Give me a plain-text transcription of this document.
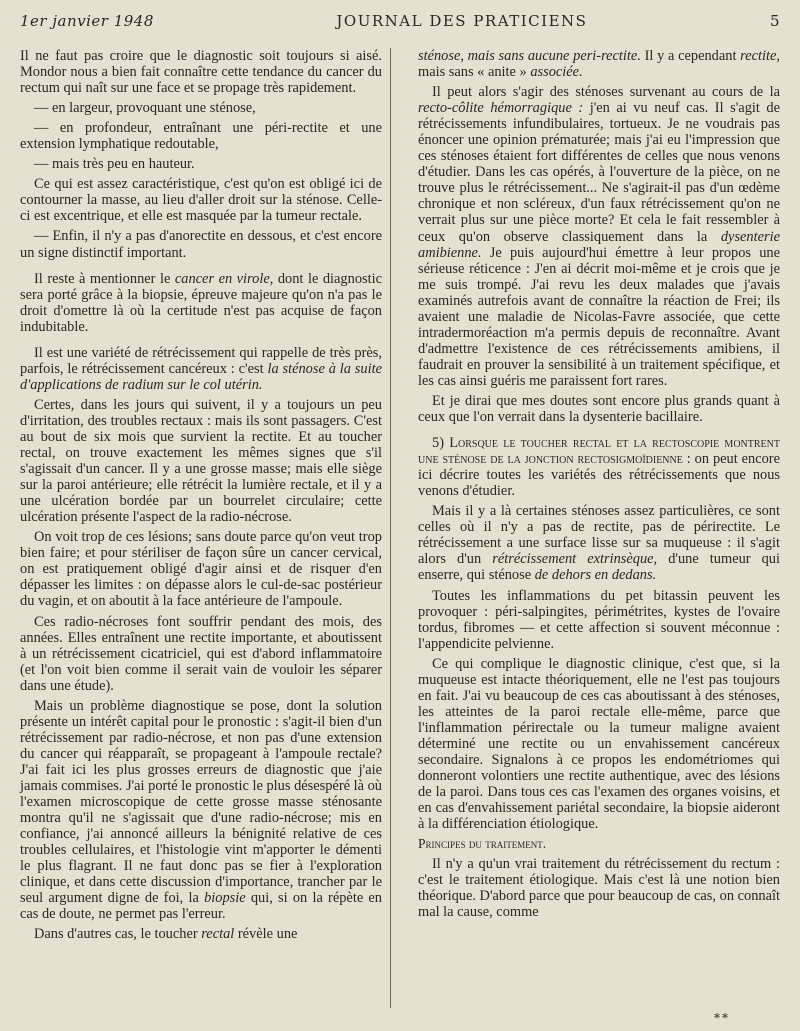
1er janvier 1948	JOURNAL DES PRATICIENS	5

Il ne faut pas croire que le diagnostic soit toujours si aisé. Mondor nous a bien fait connaître cette tendance du cancer du rectum qui naît sur une face et se propage très rapidement.

— en largeur, provoquant une sténose,

— en profondeur, entraînant une péri-rectite et une extension lymphatique redoutable,

— mais très peu en hauteur.

Ce qui est assez caractéristique, c'est qu'on est obligé ici de contourner la masse, au lieu d'aller droit sur la sténose. Celle-ci est excentrique, et elle est masquée par la tumeur rectale.

— Enfin, il n'y a pas d'anorectite en dessous, et c'est encore un signe distinctif important.

Il reste à mentionner le cancer en virole, dont le diagnostic sera porté grâce à la biopsie, épreuve majeure qu'on n'a pas le droit d'omettre là où la certitude n'est pas acquise de façon indubitable.

Il est une variété de rétrécissement qui rappelle de très près, parfois, le rétrécissement cancéreux : c'est la sténose à la suite d'applications de radium sur le col utérin.

Certes, dans les jours qui suivent, il y a toujours un peu d'irritation, des troubles rectaux : mais ils sont passagers. C'est au bout de six mois que survient la rectite. Et au toucher rectal, on trouve exactement les mêmes signes que s'il s'agissait d'un cancer. Il y a une grosse masse; mais elle siège sur la paroi antérieure; elle rétrécit la lumière rectale, et il y a une ulcération bordée par un bourrelet circulaire; cette ulcération présente l'aspect de la radio-nécrose.

On voit trop de ces lésions; sans doute parce qu'on veut trop bien faire; et pour stériliser de façon sûre un cancer cervical, on est pratiquement obligé d'agir ainsi et de risquer d'en dépasser les limites : on dépasse alors le cul-de-sac postérieur du vagin, et on aboutit à la face antérieure de l'ampoule.

Ces radio-nécroses font souffrir pendant des mois, des années. Elles entraînent une rectite importante, et aboutissent à un rétrécissement cicatriciel, qui est d'abord inflammatoire (et l'on voit bien comme il serait vain de vouloir les séparer dans une étude).

Mais un problème diagnostique se pose, dont la solution présente un intérêt capital pour le pronostic : s'agit-il bien d'un rétrécissement par radio-nécrose, et non pas d'une extension du cancer qui réapparaît, se propageant à l'ampoule rectale? J'ai fait ici les plus grosses erreurs de diagnostic que j'aie jamais commises. J'ai porté le pronostic le plus désespéré là où l'examen microscopique de cette grosse masse sténosante montra qu'il ne s'agissait que d'une radio-nécrose; mis en confiance, j'ai annoncé ailleurs la bénignité relative de ces troubles cellulaires, et l'histologie vint m'apporter le démenti le plus flagrant. Il ne faut donc pas se fier à l'exploration clinique, et dans cette discussion d'importance, trancher par le seul argument digne de foi, la biopsie qui, si on la répète en cas de doute, ne permet pas l'erreur.

Dans d'autres cas, le toucher rectal révèle une

sténose, mais sans aucune peri-rectite. Il y a cependant rectite, mais sans « anite » associée.

Il peut alors s'agir des sténoses survenant au cours de la recto-côlite hémorragique : j'en ai vu neuf cas. Il s'agit de rétrécissements infundibulaires, tortueux. Je ne voudrais pas énoncer une opinion prématurée; mais j'ai eu l'impression que ces sténoses étaient fort différentes de celles que nous venons d'étudier. Dans les cas opérés, à l'ouverture de la pièce, on ne trouve plus le rétrécissement... Ne s'agirait-il pas d'un œdème chronique et non scléreux, d'un faux rétrécissement qu'on ne verrait plus sur une pièce morte? Et cela le fait ressembler à ceux qu'on observe classiquement dans la dysenterie amibienne. Je puis aujourd'hui émettre à leur propos une sérieuse réticence : J'en ai décrit moi-même et je crois que je me suis trompé. J'ai revu les deux malades que j'avais examinés autrefois avant de connaître la réaction de Frei; ils avaient une maladie de Nicolas-Favre associée, que cette intradermoréaction m'a permis depuis de reconnaître. Avant d'admettre l'existence de ces rétrécissements amibiens, il faudrait en prouver la sensibilité à un traitement spécifique, et les cas ainsi guéris me paraissent fort rares.

Et je dirai que mes doutes sont encore plus grands quant à ceux que l'on verrait dans la dysenterie bacillaire.

5) Lorsque le toucher rectal et la rectoscopie montrent une sténose de la jonction rectosigmoïdienne : on peut encore ici décrire toutes les variétés des rétrécissements que nous venons d'étudier.

Mais il y a là certaines sténoses assez particulières, ce sont celles où il n'y a pas de rectite, pas de périrectite. Le rétrécissement a une surface lisse sur sa muqueuse : il s'agit alors d'un rétrécissement extrinsèque, d'une tumeur qui enserre, qui sténose de dehors en dedans.

Toutes les inflammations du pet bitassin peuvent les provoquer : péri-salpingites, périmétrites, kystes de l'ovaire tordus, fibromes — et cette affection si souvent méconnue : l'appendicite pelvienne.

Ce qui complique le diagnostic clinique, c'est que, si la muqueuse est intacte théoriquement, elle ne l'est pas toujours en fait. J'ai vu beaucoup de ces cas aboutissant à des sténoses, les atteintes de la paroi rectale elle-même, parce que l'inflammation périrectale ou la tumeur maligne avaient déterminé une rectite ou un envahissement cancéreux secondaire. Signalons à ce propos les endométriomes qui donneront volontiers une rectite authentique, avec des lésions de la paroi. Dans tous ces cas l'examen des organes voisins, et en cas d'envahissement pariétal secondaire, la biopsie aideront à la différenciation étiologique.

Principes du traitement.

Il n'y a qu'un vrai traitement du rétrécissement du rectum : c'est le traitement étiologique. Mais c'est là une notion bien théorique. D'abord parce que pour beaucoup de cas, on connaît mal la cause, comme

**
